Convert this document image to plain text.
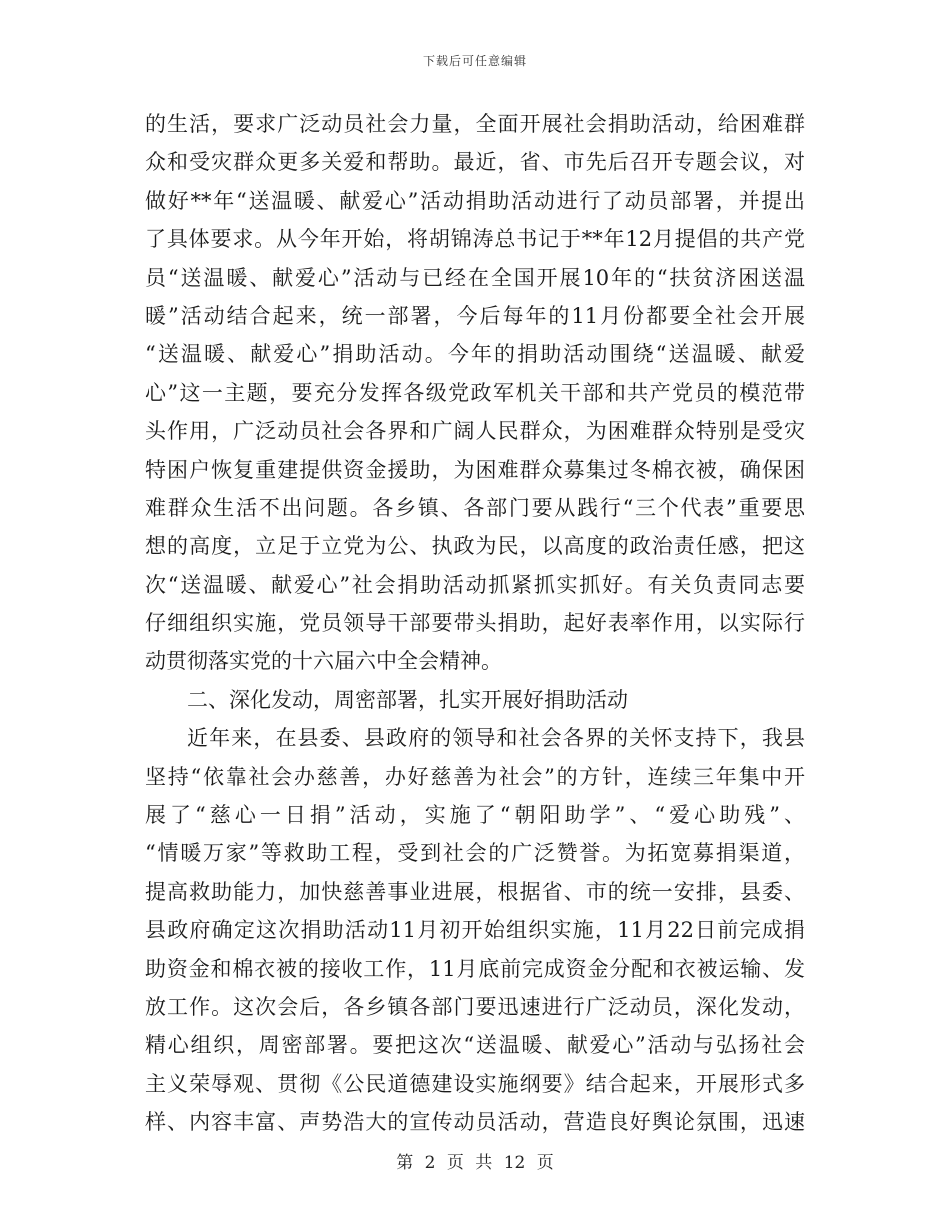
下载后可任意编辑
的生活，要求广泛动员社会力量，全面开展社会捐助活动，给困难群
众和受灾群众更多关爱和帮助。最近，省、市先后召开专题会议，对
做好**年“送温暖、献爱心”活动捐助活动进行了动员部署，并提出
了具体要求。从今年开始，将胡锦涛总书记于**年12月提倡的共产党
员“送温暖、献爱心”活动与已经在全国开展10年的“扶贫济困送温
暖”活动结合起来，统一部署，今后每年的11月份都要全社会开展
“送温暖、献爱心”捐助活动。今年的捐助活动围绕“送温暖、献爱
心”这一主题，要充分发挥各级党政军机关干部和共产党员的模范带
头作用，广泛动员社会各界和广阔人民群众，为困难群众特别是受灾
特困户恢复重建提供资金援助，为困难群众募集过冬棉衣被，确保困
难群众生活不出问题。各乡镇、各部门要从践行“三个代表”重要思
想的高度，立足于立党为公、执政为民，以高度的政治责任感，把这
次“送温暖、献爱心”社会捐助活动抓紧抓实抓好。有关负责同志要
仔细组织实施，党员领导干部要带头捐助，起好表率作用，以实际行
动贯彻落实党的十六届六中全会精神。
二、深化发动，周密部署，扎实开展好捐助活动
近年来，在县委、县政府的领导和社会各界的关怀支持下，我县
坚持“依靠社会办慈善，办好慈善为社会”的方针，连续三年集中开
展了“慈心一日捐”活动，实施了“朝阳助学”、“爱心助残”、
“情暖万家”等救助工程，受到社会的广泛赞誉。为拓宽募捐渠道，
提高救助能力，加快慈善事业进展，根据省、市的统一安排，县委、
县政府确定这次捐助活动11月初开始组织实施，11月22日前完成捐
助资金和棉衣被的接收工作，11月底前完成资金分配和衣被运输、发
放工作。这次会后，各乡镇各部门要迅速进行广泛动员，深化发动，
精心组织，周密部署。要把这次“送温暖、献爱心”活动与弘扬社会
主义荣辱观、贯彻《公民道德建设实施纲要》结合起来，开展形式多
样、内容丰富、声势浩大的宣传动员活动，营造良好舆论氛围，迅速
第 2 页 共 12 页
